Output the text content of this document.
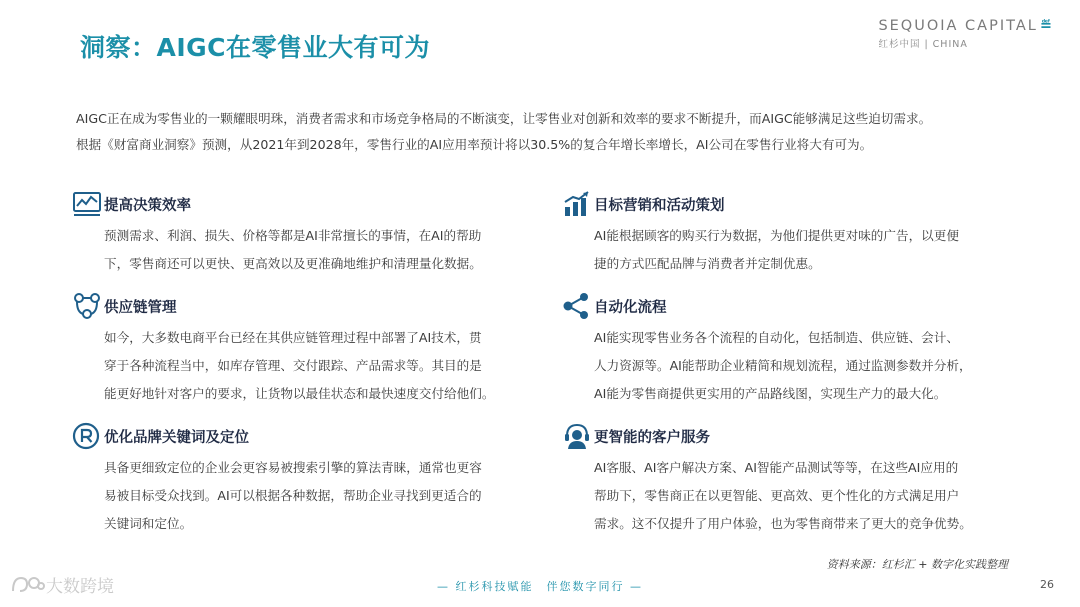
洞察：AIGC在零售业大有可为
SEQUOIA CAPITAL ≝
红杉中国 | CHINA

AIGC正在成为零售业的一颗耀眼明珠，消费者需求和市场竞争格局的不断演变，让零售业对创新和效率的要求不断提升，而AIGC能够满足这些迫切需求。

根据《财富商业洞察》预测，从2021年到2028年，零售行业的AI应用率预计将以30.5%的复合年增长率增长，AI公司在零售行业将大有可为。

提高决策效率
预测需求、利润、损失、价格等都是AI非常擅长的事情，在AI的帮助
下，零售商还可以更快、更高效以及更准确地维护和清理量化数据。
目标营销和活动策划
AI能根据顾客的购买行为数据，为他们提供更对味的广告，以更便
捷的方式匹配品牌与消费者并定制优惠。
供应链管理
如今，大多数电商平台已经在其供应链管理过程中部署了AI技术，贯
穿于各种流程当中，如库存管理、交付跟踪、产品需求等。其目的是
能更好地针对客户的要求，让货物以最佳状态和最快速度交付给他们。
自动化流程
AI能实现零售业务各个流程的自动化，包括制造、供应链、会计、
人力资源等。AI能帮助企业精简和规划流程，通过监测参数并分析，
AI能为零售商提供更实用的产品路线图，实现生产力的最大化。
优化品牌关键词及定位
具备更细致定位的企业会更容易被搜索引擎的算法青睐，通常也更容
易被目标受众找到。AI可以根据各种数据，帮助企业寻找到更适合的
关键词和定位。
更智能的客户服务
AI客服、AI客户解决方案、AI智能产品测试等等，在这些AI应用的
帮助下，零售商正在以更智能、更高效、更个性化的方式满足用户
需求。这不仅提升了用户体验，也为零售商带来了更大的竞争优势。
资料来源：红杉汇 + 数字化实践整理
大数跨境	— 红杉科技赋能　伴您数字同行 —	26
